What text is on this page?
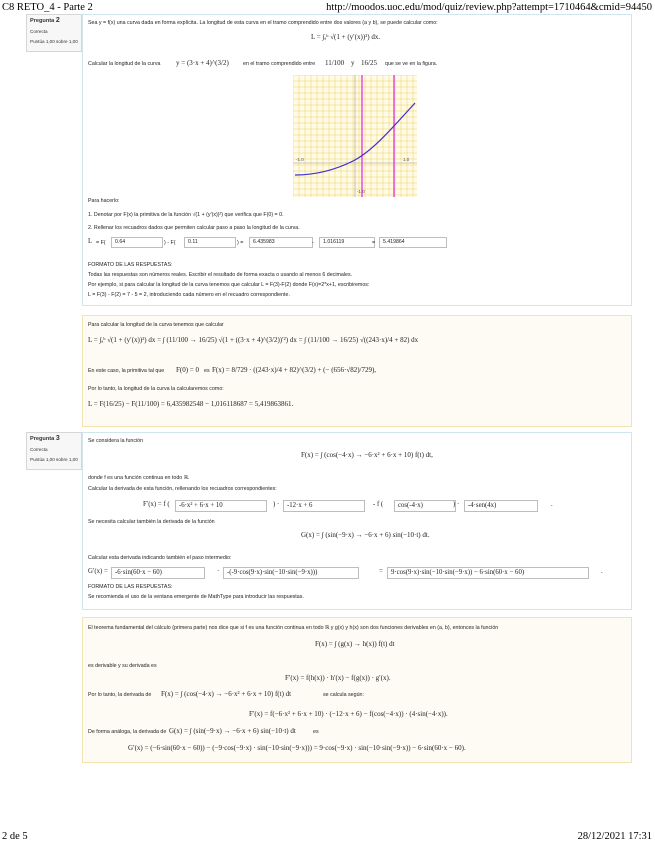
C8 RETO_4 - Parte 2	http://moodos.uoc.edu/mod/quiz/review.php?attempt=1710464&cmid=94450
2 de 5	28/12/2021 17:31
Pregunta 2
Correcta
Puntúa 1,00 sobre 1,00
Sea y = f(x) una curva dada en forma explícita. La longitud de esta curva en el tramo comprendido entre dos valores (a y b), se puede calcular como:
L = ∫ₐᵇ √(1 + (y′(x))²) dx.
Calcular la longitud de la curva y = (3·x + 4)^(3/2)	en el tramo comprendido entre 11/100 y 16/25 que se ve en la figura.
-1.0	1.0
-1.0
Para hacerlo:
1. Denotar por F(x) la primitiva de la función √(1 + (y′(x))²) que verifica que F(0) = 0.
2. Rellenar los recuadros dados que permiten calcular paso a paso la longitud de la curva.
L = F(	0.64	) - F(	0.11	) =	6.435983	-	1.016119	=	5.419864
FORMATO DE LAS RESPUESTAS:
Todas las respuestas son números reales. Escribir el resultado de forma exacta o usando al menos 6 decimales.
Por ejemplo, si para calcular la longitud de la curva tenemos que calcular L = F(3)-F(2) donde F(x)=2*x+1, escribiremos:
L = F(3) - F(2) = 7 - 5 = 2, introduciendo cada número en el recuadro correspondiente.
Para calcular la longitud de la curva tenemos que calcular
L = ∫ₐᵇ √(1 + (y′(x))²) dx = ∫ (11/100 → 16/25) √(1 + ((3·x + 4)^(3/2))′²) dx = ∫ (11/100 → 16/25) √((243·x)/4 + 82) dx
En este caso, la primitiva tal que F(0) = 0 es F(x) = 8/729 · ((243·x)/4 + 82)^(3/2) + (− (656·√82)/729),
Por lo tanto, la longitud de la curva la calcularemos como:
L = F(16/25) − F(11/100) = 6,435982548 − 1,016118687 = 5,419863861.
Pregunta 3
Correcta
Puntúa 1,00 sobre 1,00
Se considera la función
F(x) = ∫ (cos(−4·x) → −6·x² + 6·x + 10) f(t) dt,
donde f es una función continua en todo ℝ.
Calcular la derivada de esta función, rellenando los recuadros correspondientes:
F′(x) = f (	-6·x² + 6·x + 10	) ·	-12·x + 6	- f (	cos(-4·x)	) ·	-4·sen(4x)	.
Se necesita calcular también la derivada de la función
G(x) = ∫ (sin(−9·x) → −6·x + 6) sin(−10·t) dt.
Calcular esta derivada indicando también el paso intermedio:
G′(x) =	-6·sin(60·x − 60)	·	-(-9·cos(9·x)·sin(−10·sin(−9·x)))	=	9·cos(9·x)·sin(−10·sin(−9·x)) − 6·sin(60·x − 60)	.
FORMATO DE LAS RESPUESTAS:
Se recomienda el uso de la ventana emergente de MathType para introducir las respuestas.
El teorema fundamental del cálculo (primera parte) nos dice que si f es una función continua en todo ℝ y g(x) y h(x) son dos funciones derivables en (a, b), entonces la función
F(x) = ∫ (g(x) → h(x)) f(t) dt
es derivable y su derivada es
F′(x) = f(h(x)) · h′(x) − f(g(x)) · g′(x).
Por lo tanto, la derivada de F(x) = ∫ (cos(−4·x) → −6·x² + 6·x + 10) f(t) dt	se calcula según:
F′(x) = f(−6·x² + 6·x + 10) · (−12·x + 6) − f(cos(−4·x)) · (4·sin(−4·x)).
De forma análoga, la derivada de G(x) = ∫ (sin(−9·x) → −6·x + 6) sin(−10·t) dt	es
G′(x) = (−6·sin(60·x − 60)) − (−9·cos(−9·x) · sin(−10·sin(−9·x))) = 9·cos(−9·x) · sin(−10·sin(−9·x)) − 6·sin(60·x − 60).
